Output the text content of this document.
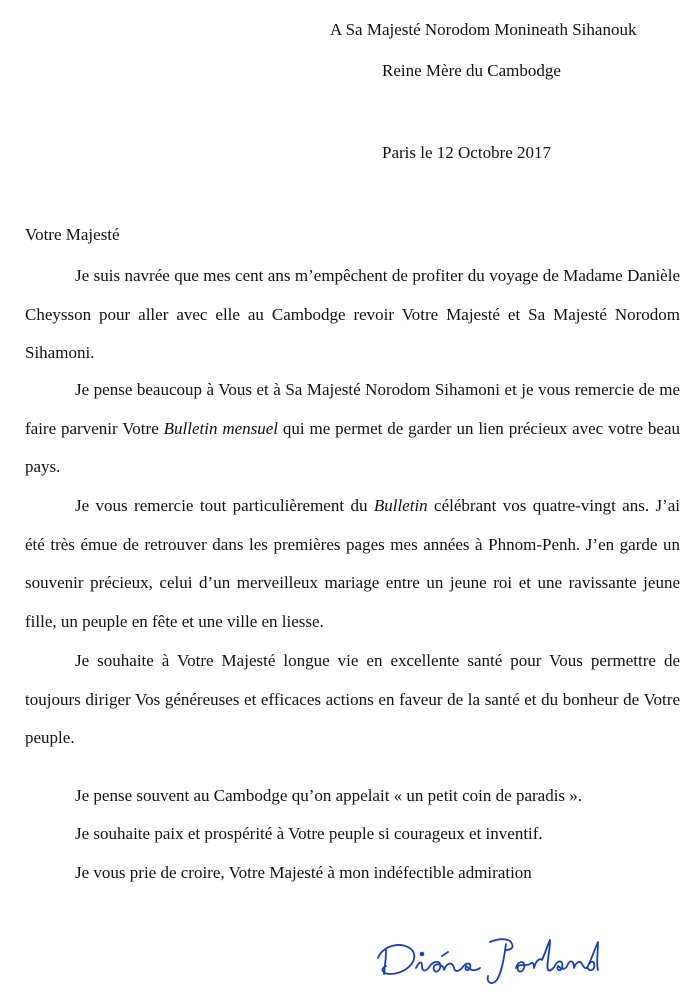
A Sa Majesté Norodom Monineath Sihanouk
Reine Mère du Cambodge
Paris le 12 Octobre 2017
Votre Majesté

Je suis navrée que mes cent ans m’empêchent de profiter du voyage de Madame Danièle Cheysson pour aller avec elle au Cambodge revoir Votre Majesté et Sa Majesté Norodom Sihamoni.

Je pense beaucoup à Vous et à Sa Majesté Norodom Sihamoni et je vous remercie de me faire parvenir Votre Bulletin mensuel qui me permet de garder un lien précieux avec votre beau pays.

Je vous remercie tout particulièrement du Bulletin célébrant vos quatre-vingt ans. J’ai été très émue de retrouver dans les premières pages mes années à Phnom-Penh. J’en garde un souvenir précieux, celui d’un merveilleux mariage entre un jeune roi et une ravissante jeune fille, un peuple en fête et une ville en liesse.

Je souhaite à Votre Majesté longue vie en excellente santé pour Vous permettre de toujours diriger Vos généreuses et efficaces actions en faveur de la santé et du bonheur de Votre peuple.

Je pense souvent au Cambodge qu’on appelait « un petit coin de paradis ».

Je souhaite paix et prospérité à Votre peuple si courageux et inventif.

Je vous prie de croire, Votre Majesté à mon indéfectible admiration
